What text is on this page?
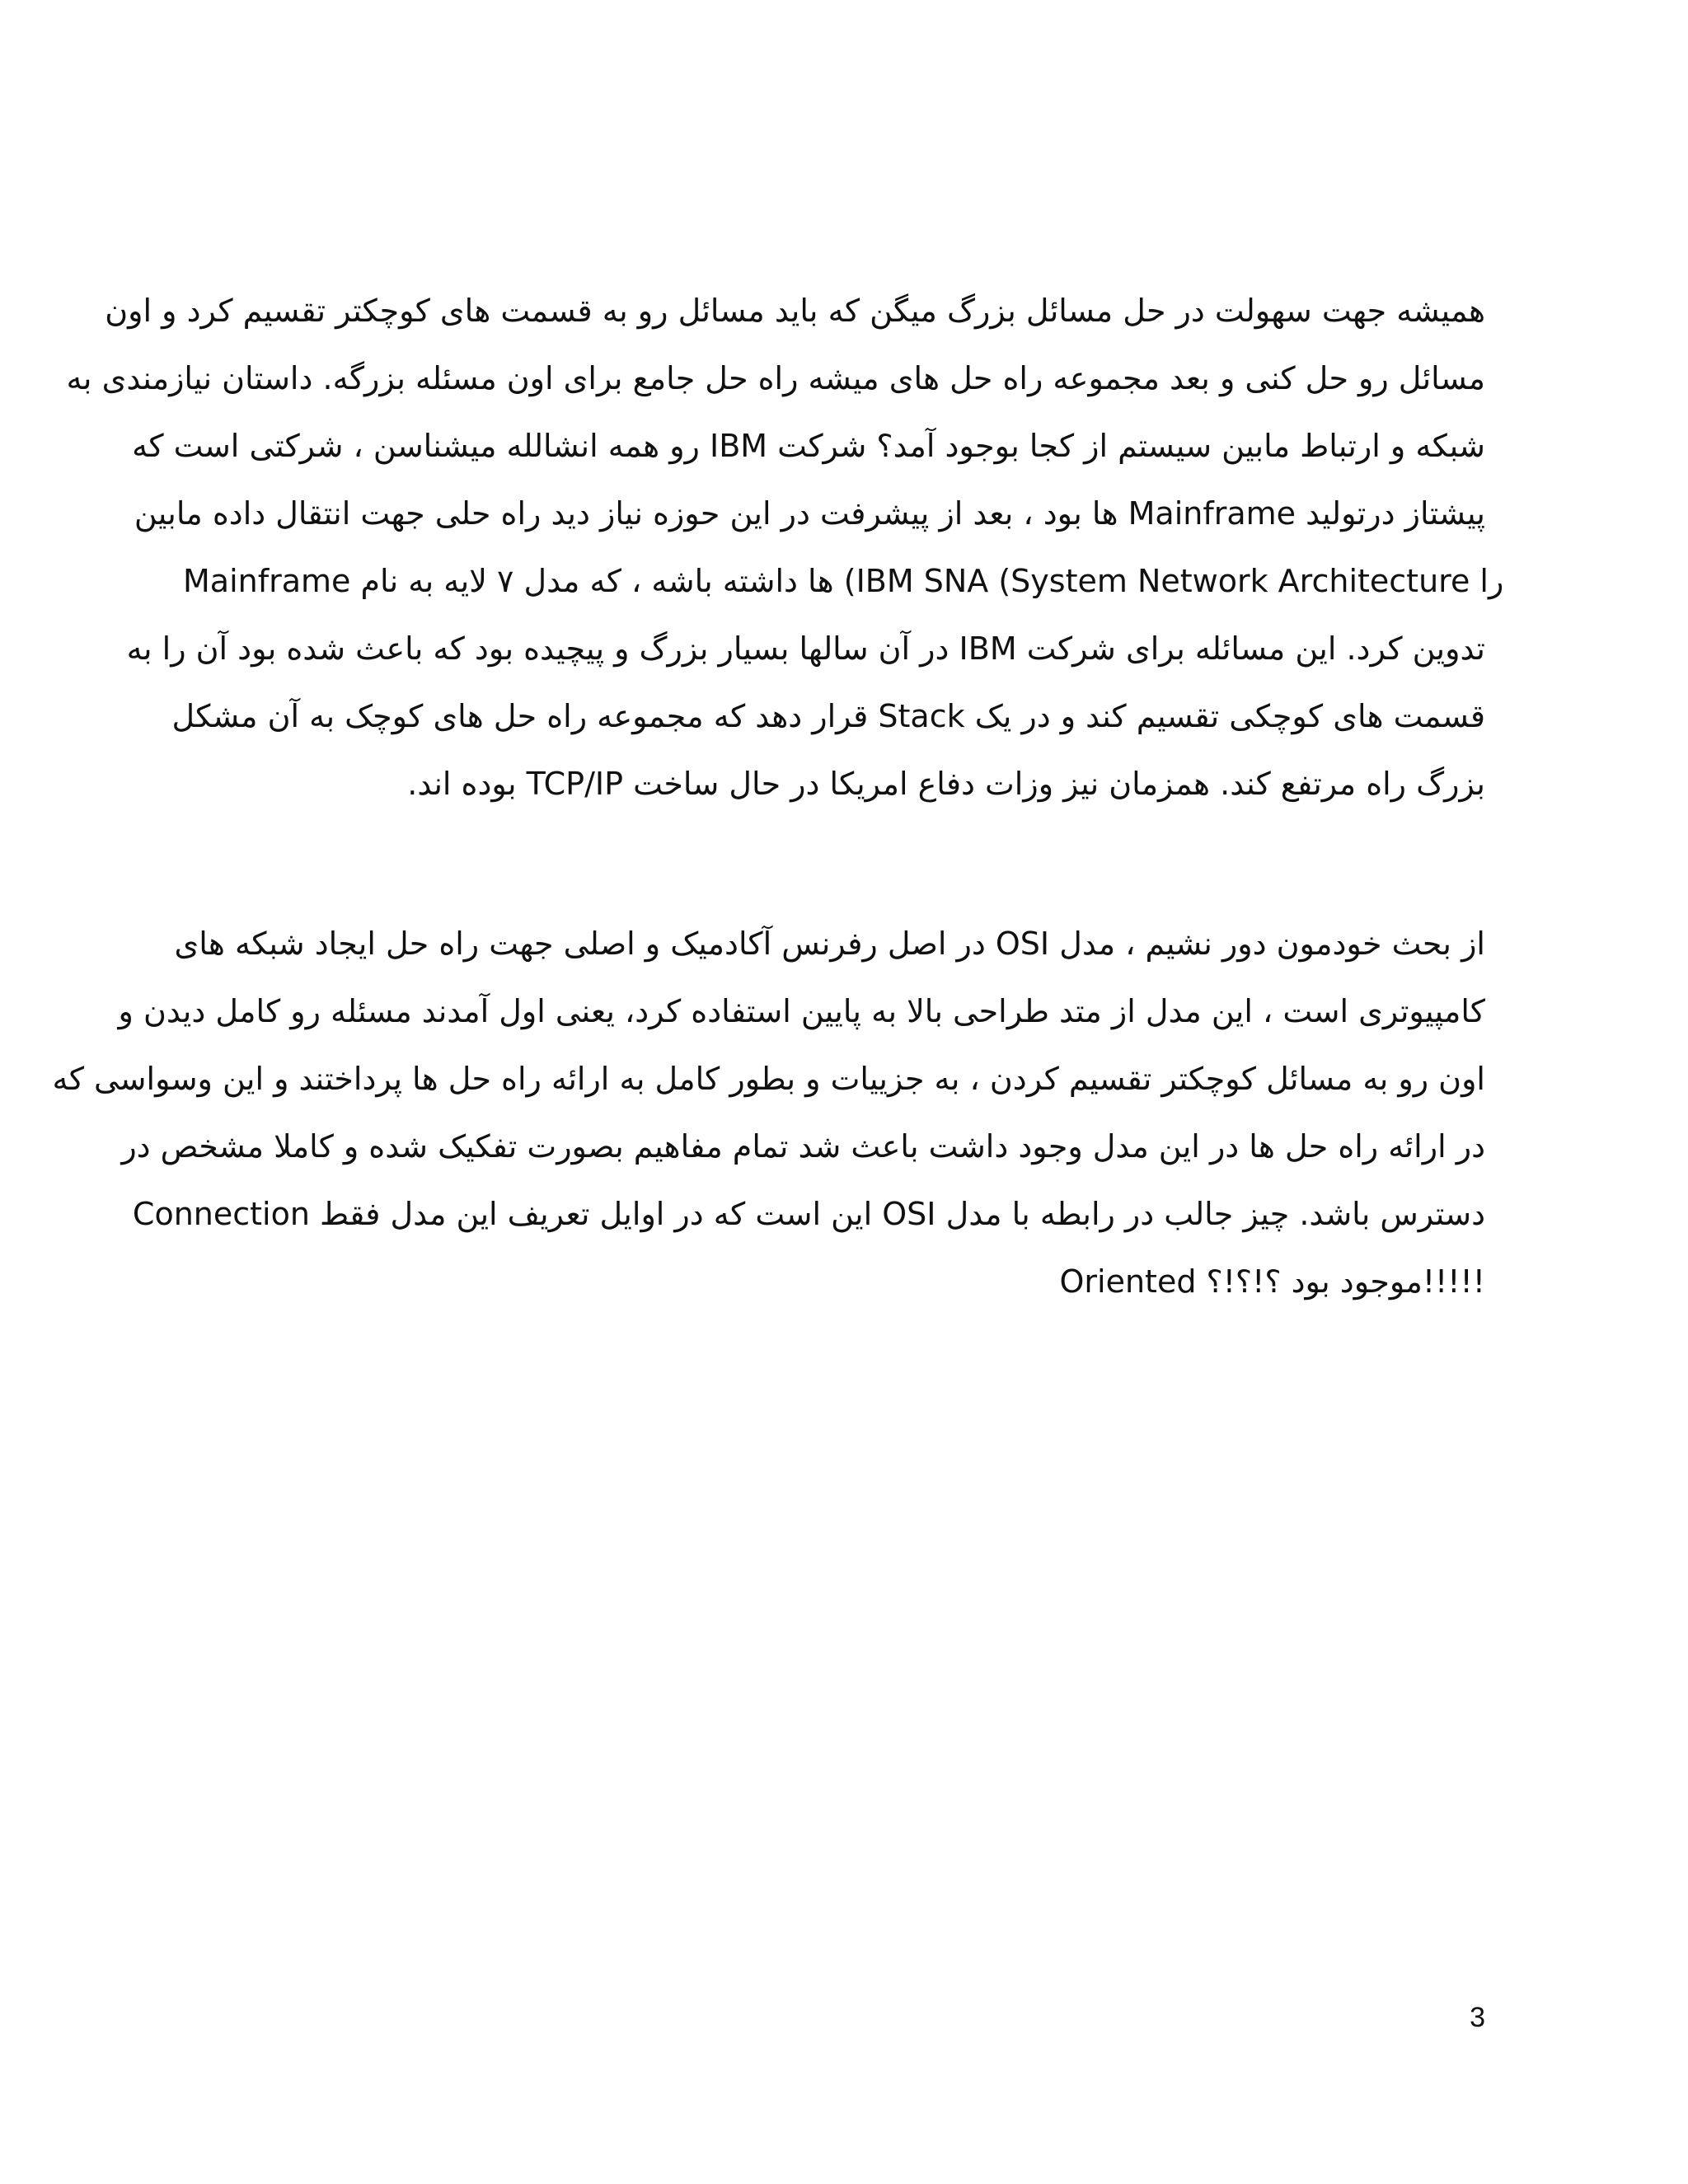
همیشه جهت سهولت در حل مسائل بزرگ میگن که باید مسائل رو به قسمت های کوچکتر تقسیم کرد و اون
مسائل رو حل کنی و بعد مجموعه راه حل های میشه راه حل جامع برای اون مسئله بزرگه. داستان نیازمندی به
شبکه و ارتباط مابین سیستم از کجا بوجود آمد؟ شرکت IBM رو همه انشالله میشناسن ، شرکتی است که
پیشتاز درتولید Mainframe ها بود ، بعد از پیشرفت در این حوزه نیاز دید راه حلی جهت انتقال داده مابین
Mainframe ها داشته باشه ، که مدل ۷ لایه به نام (IBM SNA (System Network Architecture را
تدوین کرد. این مسائله برای شرکت IBM در آن سالها بسیار بزرگ و پیچیده بود که باعث شده بود آن را به
قسمت های کوچکی تقسیم کند و در یک Stack قرار دهد که مجموعه راه حل های کوچک به آن مشکل
بزرگ راه مرتفع کند. همزمان نیز وزات دفاع امریکا در حال ساخت TCP/IP بوده اند.
از بحث خودمون دور نشیم ، مدل OSI در اصل رفرنس آکادمیک و اصلی جهت راه حل ایجاد شبکه های
کامپیوتری است ، این مدل از متد طراحی بالا به پایین استفاده کرد، یعنی اول آمدند مسئله رو کامل دیدن و
اون رو به مسائل کوچکتر تقسیم کردن ، به جزییات و بطور کامل به ارائه راه حل ها پرداختند و این وسواسی که
در ارائه راه حل ها در این مدل وجود داشت باعث شد تمام مفاهیم بصورت تفکیک شده و کاملا مشخص در
دسترس باشد. چیز جالب در رابطه با مدل OSI این است که در اوایل تعریف این مدل فقط Connection
Oriented موجود بود ؟!؟!؟!!!!!
3
